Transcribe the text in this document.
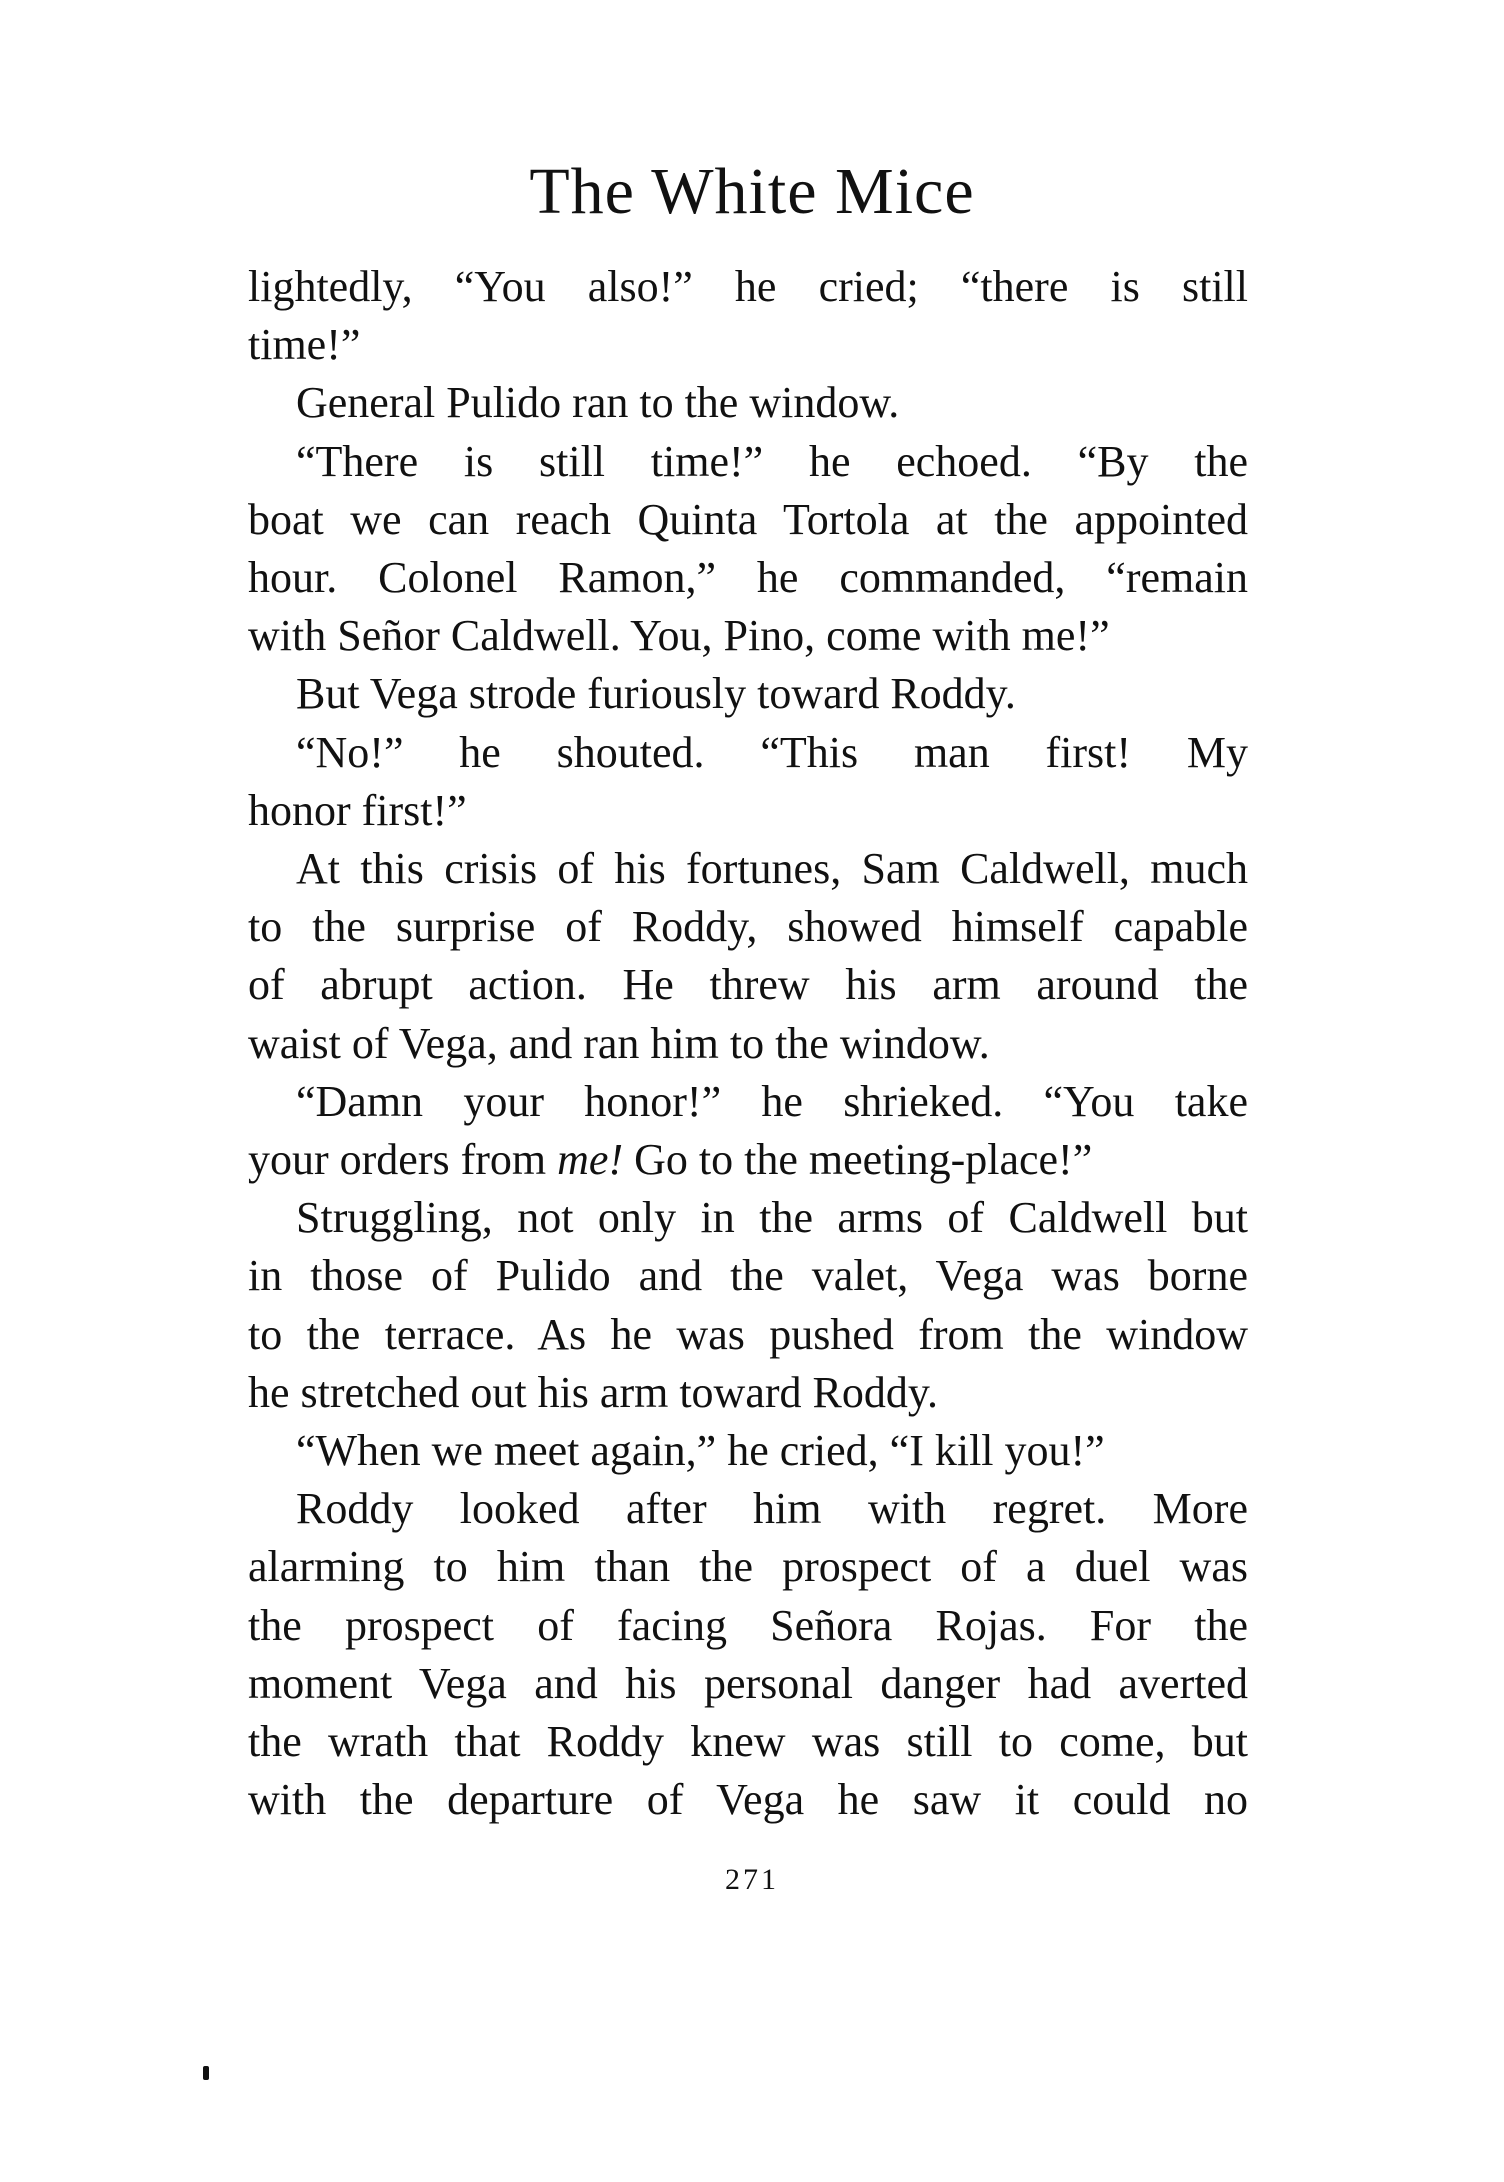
The White Mice
lightedly, “You also!” he cried; “there is still
time!”
General Pulido ran to the window.
“There is still time!” he echoed. “By the
boat we can reach Quinta Tortola at the appointed
hour. Colonel Ramon,” he commanded, “remain
with Señor Caldwell. You, Pino, come with me!”
But Vega strode furiously toward Roddy.
“No!” he shouted. “This man first! My
honor first!”
At this crisis of his fortunes, Sam Caldwell, much
to the surprise of Roddy, showed himself capable
of abrupt action. He threw his arm around the
waist of Vega, and ran him to the window.
“Damn your honor!” he shrieked. “You take
your orders from me! Go to the meeting-place!”
Struggling, not only in the arms of Caldwell but
in those of Pulido and the valet, Vega was borne
to the terrace. As he was pushed from the window
he stretched out his arm toward Roddy.
“When we meet again,” he cried, “I kill you!”
Roddy looked after him with regret. More
alarming to him than the prospect of a duel was
the prospect of facing Señora Rojas. For the
moment Vega and his personal danger had averted
the wrath that Roddy knew was still to come, but
with the departure of Vega he saw it could no
271
